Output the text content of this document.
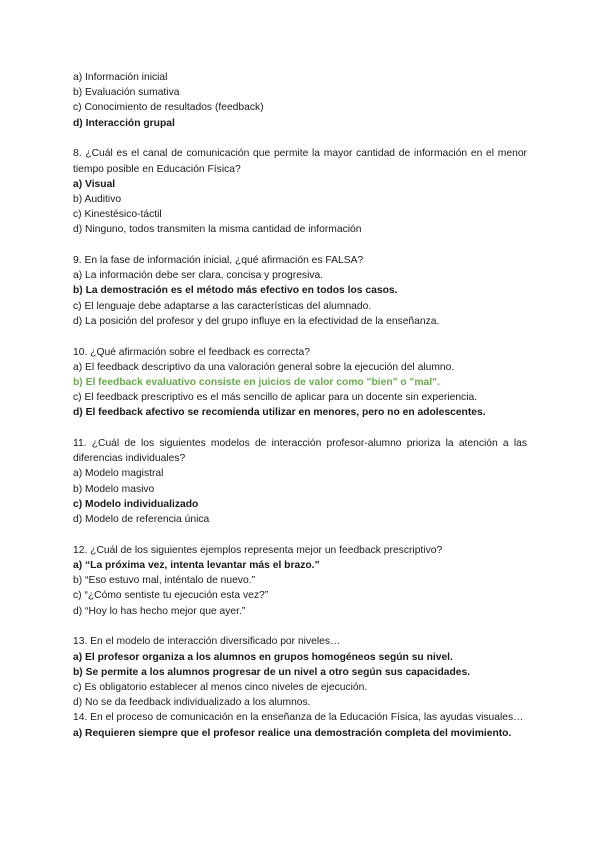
a) Información inicial
b) Evaluación sumativa
c) Conocimiento de resultados (feedback)
d) Interacción grupal
8. ¿Cuál es el canal de comunicación que permite la mayor cantidad de información en el menor tiempo posible en Educación Física?
a) Visual
b) Auditivo
c) Kinestésico-táctil
d) Ninguno, todos transmiten la misma cantidad de información
9. En la fase de información inicial, ¿qué afirmación es FALSA?
a) La información debe ser clara, concisa y progresiva.
b) La demostración es el método más efectivo en todos los casos.
c) El lenguaje debe adaptarse a las características del alumnado.
d) La posición del profesor y del grupo influye en la efectividad de la enseñanza.
10. ¿Qué afirmación sobre el feedback es correcta?
a) El feedback descriptivo da una valoración general sobre la ejecución del alumno.
b) El feedback evaluativo consiste en juicios de valor como "bien" o "mal".
c) El feedback prescriptivo es el más sencillo de aplicar para un docente sin experiencia.
d) El feedback afectivo se recomienda utilizar en menores, pero no en adolescentes.
11. ¿Cuál de los siguientes modelos de interacción profesor-alumno prioriza la atención a las diferencias individuales?
a) Modelo magistral
b) Modelo masivo
c) Modelo individualizado
d) Modelo de referencia única
12. ¿Cuál de los siguientes ejemplos representa mejor un feedback prescriptivo?
a) “La próxima vez, intenta levantar más el brazo.”
b) “Eso estuvo mal, inténtalo de nuevo.”
c) “¿Cómo sentiste tu ejecución esta vez?”
d) “Hoy lo has hecho mejor que ayer.”
13. En el modelo de interacción diversificado por niveles…
a) El profesor organiza a los alumnos en grupos homogéneos según su nivel.
b) Se permite a los alumnos progresar de un nivel a otro según sus capacidades.
c) Es obligatorio establecer al menos cinco niveles de ejecución.
d) No se da feedback individualizado a los alumnos.
14. En el proceso de comunicación en la enseñanza de la Educación Física, las ayudas visuales…
a) Requieren siempre que el profesor realice una demostración completa del movimiento.
